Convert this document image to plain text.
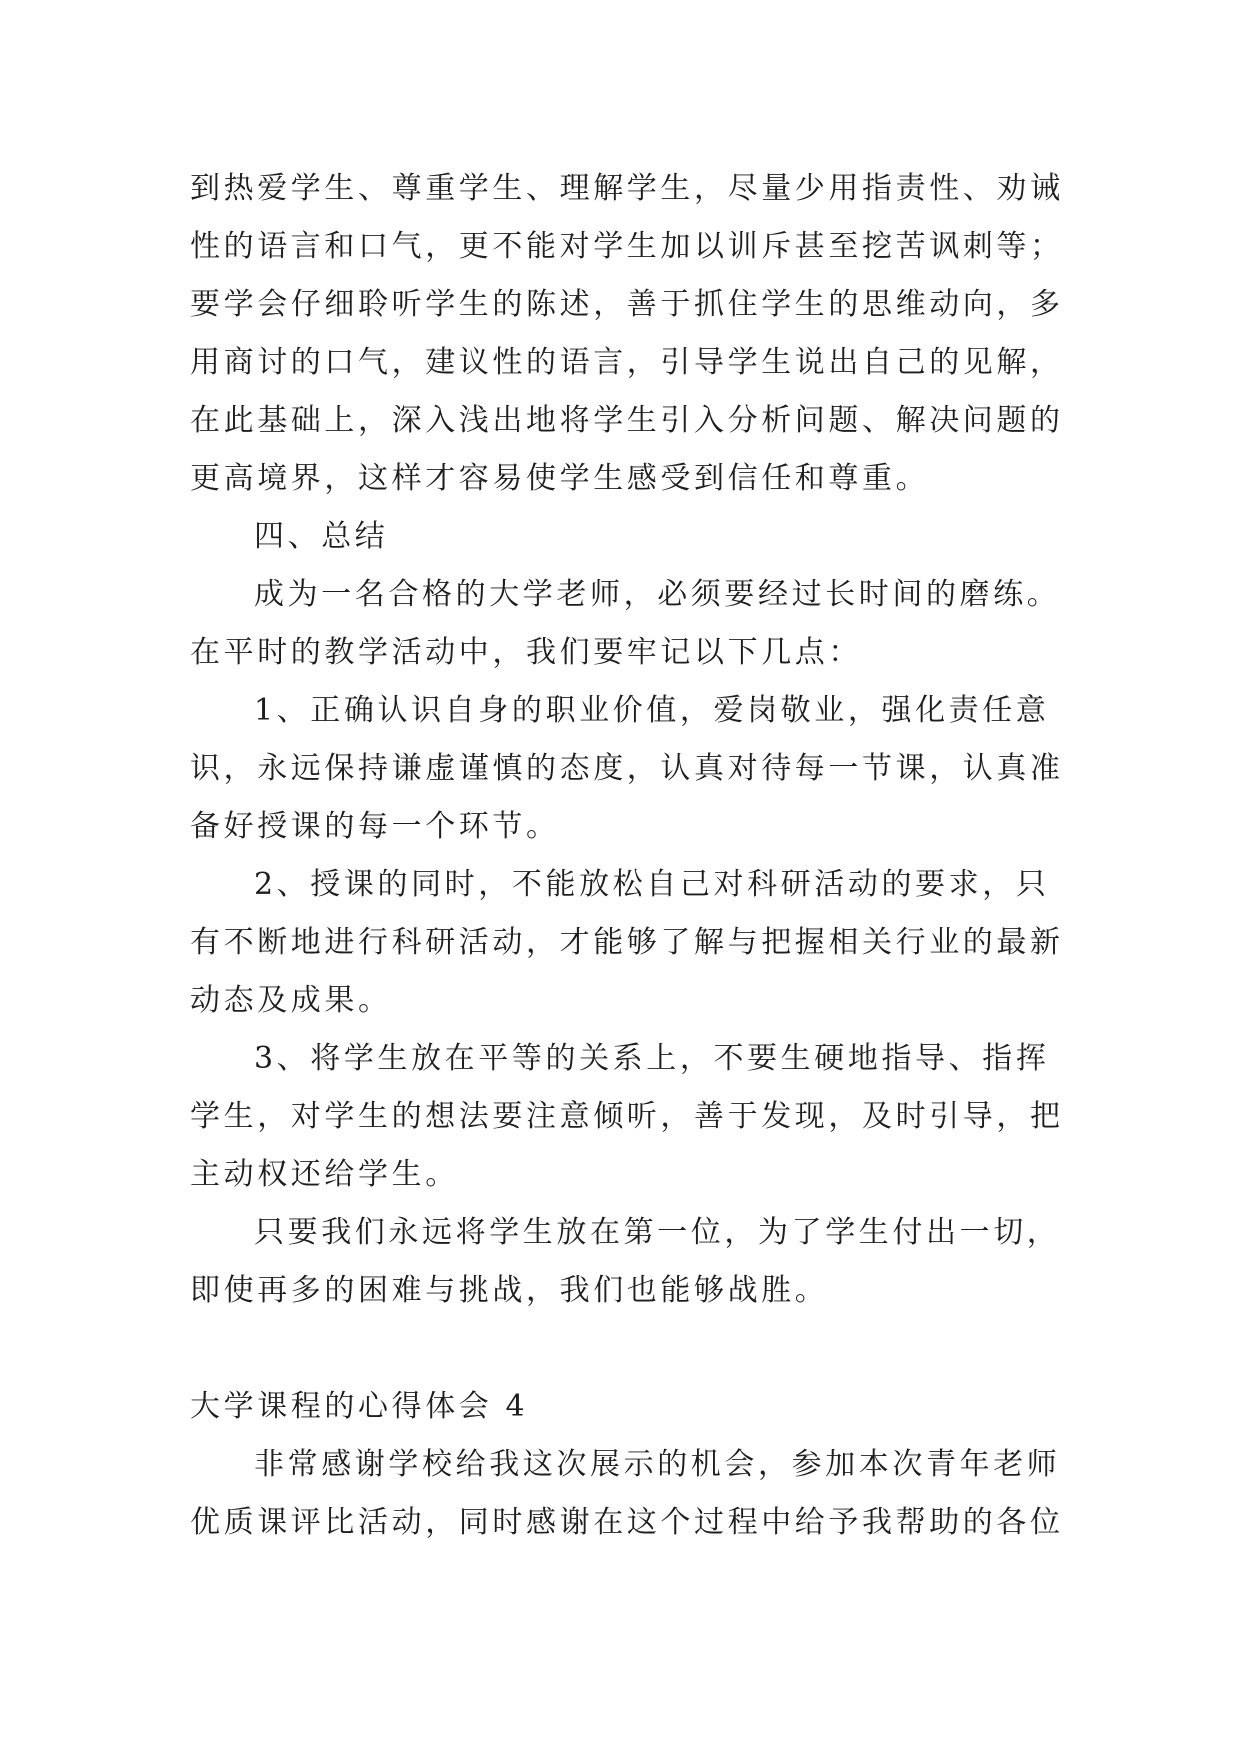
到热爱学生、尊重学生、理解学生，尽量少用指责性、劝诫
性的语言和口气，更不能对学生加以训斥甚至挖苦讽刺等；
要学会仔细聆听学生的陈述，善于抓住学生的思维动向，多
用商讨的口气，建议性的语言，引导学生说出自己的见解，
在此基础上，深入浅出地将学生引入分析问题、解决问题的
更高境界，这样才容易使学生感受到信任和尊重。
四、总结
成为一名合格的大学老师，必须要经过长时间的磨练。
在平时的教学活动中，我们要牢记以下几点：
1、正确认识自身的职业价值，爱岗敬业，强化责任意
识，永远保持谦虚谨慎的态度，认真对待每一节课，认真准
备好授课的每一个环节。
2、授课的同时，不能放松自己对科研活动的要求，只
有不断地进行科研活动，才能够了解与把握相关行业的最新
动态及成果。
3、将学生放在平等的关系上，不要生硬地指导、指挥
学生，对学生的想法要注意倾听，善于发现，及时引导，把
主动权还给学生。
只要我们永远将学生放在第一位，为了学生付出一切，
即使再多的困难与挑战，我们也能够战胜。
大学课程的心得体会 4
非常感谢学校给我这次展示的机会，参加本次青年老师
优质课评比活动，同时感谢在这个过程中给予我帮助的各位
